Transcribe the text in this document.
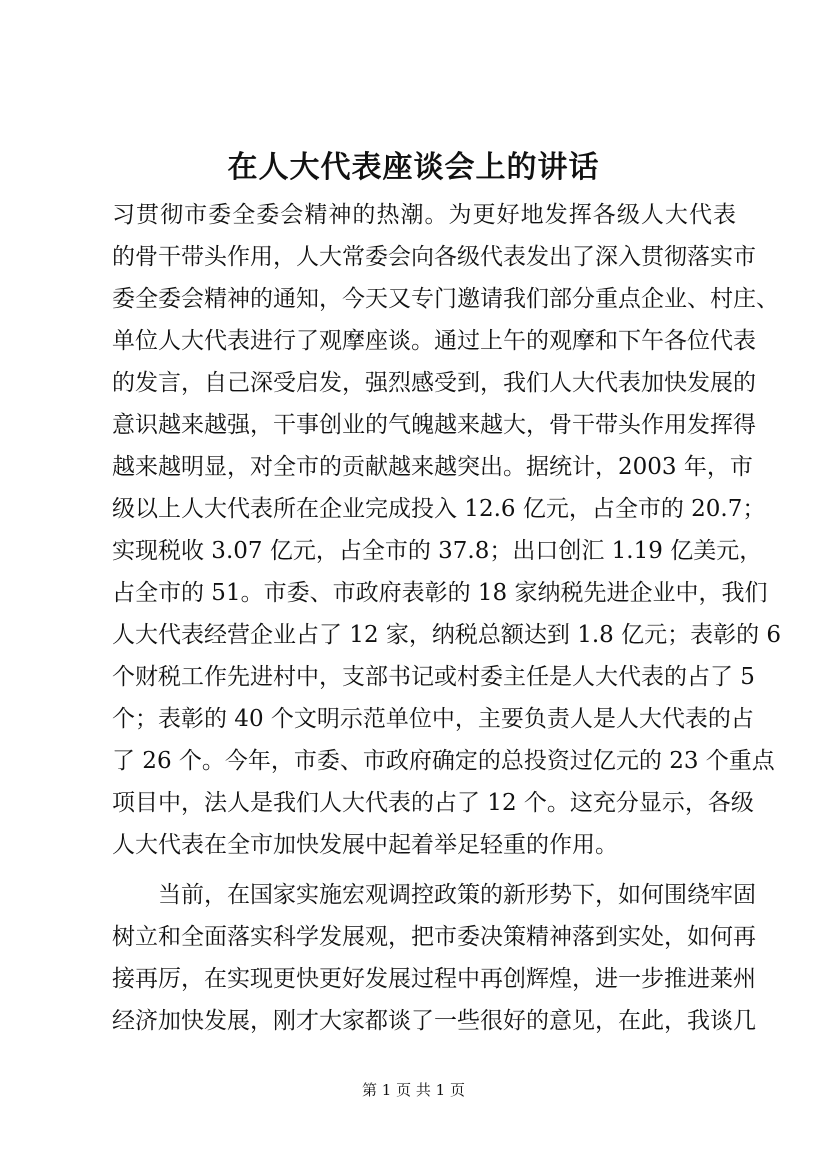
在人大代表座谈会上的讲话
习贯彻市委全委会精神的热潮。为更好地发挥各级人大代表
的骨干带头作用，人大常委会向各级代表发出了深入贯彻落实市
委全委会精神的通知，今天又专门邀请我们部分重点企业、村庄、
单位人大代表进行了观摩座谈。通过上午的观摩和下午各位代表
的发言，自己深受启发，强烈感受到，我们人大代表加快发展的
意识越来越强，干事创业的气魄越来越大，骨干带头作用发挥得
越来越明显，对全市的贡献越来越突出。据统计，2003 年，市
级以上人大代表所在企业完成投入 12.6 亿元，占全市的 20.7；
实现税收 3.07 亿元，占全市的 37.8；出口创汇 1.19 亿美元，
占全市的 51。市委、市政府表彰的 18 家纳税先进企业中，我们
人大代表经营企业占了 12 家，纳税总额达到 1.8 亿元；表彰的 6
个财税工作先进村中，支部书记或村委主任是人大代表的占了 5
个；表彰的 40 个文明示范单位中，主要负责人是人大代表的占
了 26 个。今年，市委、市政府确定的总投资过亿元的 23 个重点
项目中，法人是我们人大代表的占了 12 个。这充分显示，各级
人大代表在全市加快发展中起着举足轻重的作用。
当前，在国家实施宏观调控政策的新形势下，如何围绕牢固
树立和全面落实科学发展观，把市委决策精神落到实处，如何再
接再厉，在实现更快更好发展过程中再创辉煌，进一步推进莱州
经济加快发展，刚才大家都谈了一些很好的意见，在此，我谈几
第 1 页 共 1 页
